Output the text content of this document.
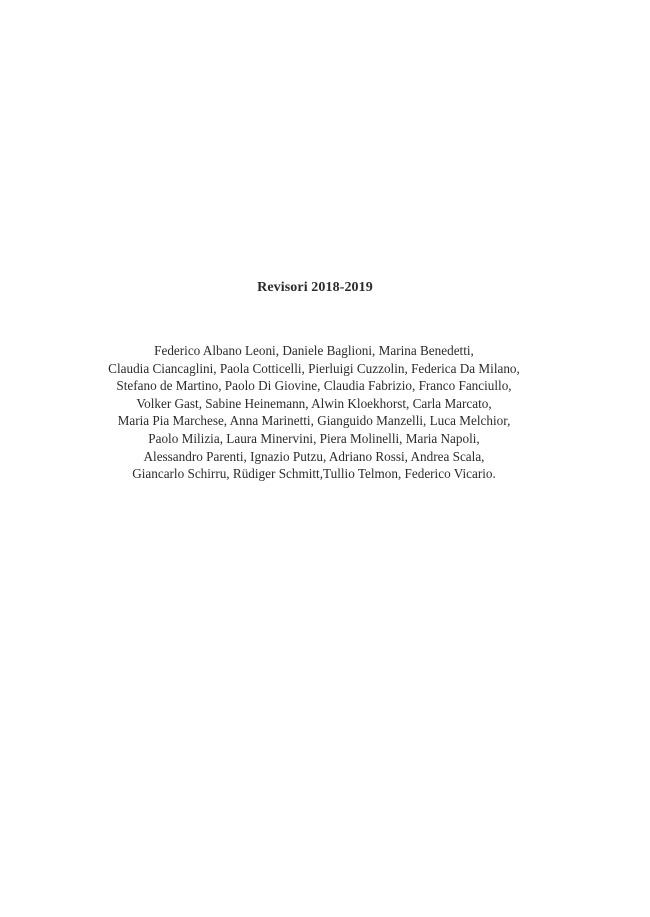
Revisori 2018-2019
Federico Albano Leoni, Daniele Baglioni, Marina Benedetti,
Claudia Ciancaglini, Paola Cotticelli, Pierluigi Cuzzolin, Federica Da Milano,
Stefano de Martino, Paolo Di Giovine, Claudia Fabrizio, Franco Fanciullo,
Volker Gast, Sabine Heinemann, Alwin Kloekhorst, Carla Marcato,
Maria Pia Marchese, Anna Marinetti, Gianguido Manzelli, Luca Melchior,
Paolo Milizia, Laura Minervini, Piera Molinelli, Maria Napoli,
Alessandro Parenti, Ignazio Putzu, Adriano Rossi, Andrea Scala,
Giancarlo Schirru, Rüdiger Schmitt,Tullio Telmon, Federico Vicario.
